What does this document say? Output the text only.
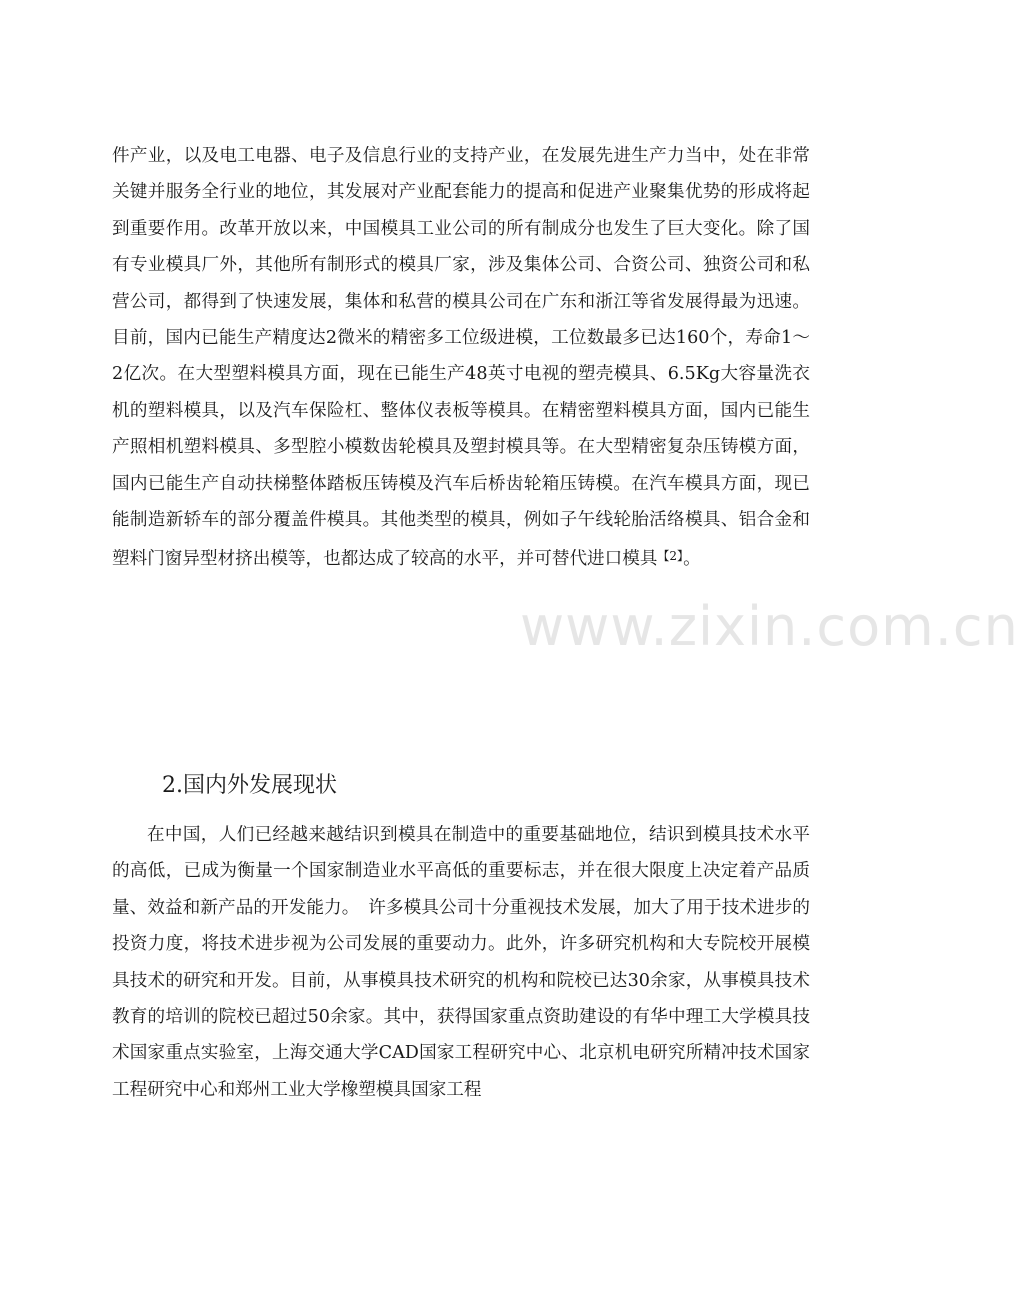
www.zixin.com.cn

件产业，以及电工电器、电子及信息行业的支持产业，在发展先进生产力当中，处在非常关键并服务全行业的地位，其发展对产业配套能力的提高和促进产业聚集优势的形成将起到重要作用。改革开放以来，中国模具工业公司的所有制成分也发生了巨大变化。除了国有专业模具厂外，其他所有制形式的模具厂家，涉及集体公司、合资公司、独资公司和私营公司，都得到了快速发展，集体和私营的模具公司在广东和浙江等省发展得最为迅速。目前，国内已能生产精度达2微米的精密多工位级进模，工位数最多已达160个，寿命1～2亿次。在大型塑料模具方面，现在已能生产48英寸电视的塑壳模具、6.5Kg大容量洗衣机的塑料模具，以及汽车保险杠、整体仪表板等模具。在精密塑料模具方面，国内已能生产照相机塑料模具、多型腔小模数齿轮模具及塑封模具等。在大型精密复杂压铸模方面，国内已能生产自动扶梯整体踏板压铸模及汽车后桥齿轮箱压铸模。在汽车模具方面，现已能制造新轿车的部分覆盖件模具。其他类型的模具，例如子午线轮胎活络模具、铝合金和塑料门窗异型材挤出模等，也都达成了较高的水平，并可替代进口模具$^{【2】}$。

2.国内外发展现状

在中国，人们已经越来越结识到模具在制造中的重要基础地位，结识到模具技术水平的高低，已成为衡量一个国家制造业水平高低的重要标志，并在很大限度上决定着产品质量、效益和新产品的开发能力。　许多模具公司十分重视技术发展，加大了用于技术进步的投资力度，将技术进步视为公司发展的重要动力。此外，许多研究机构和大专院校开展模具技术的研究和开发。目前，从事模具技术研究的机构和院校已达30余家，从事模具技术教育的培训的院校已超过50余家。其中，获得国家重点资助建设的有华中理工大学模具技术国家重点实验室，上海交通大学CAD国家工程研究中心、北京机电研究所精冲技术国家工程研究中心和郑州工业大学橡塑模具国家工程
